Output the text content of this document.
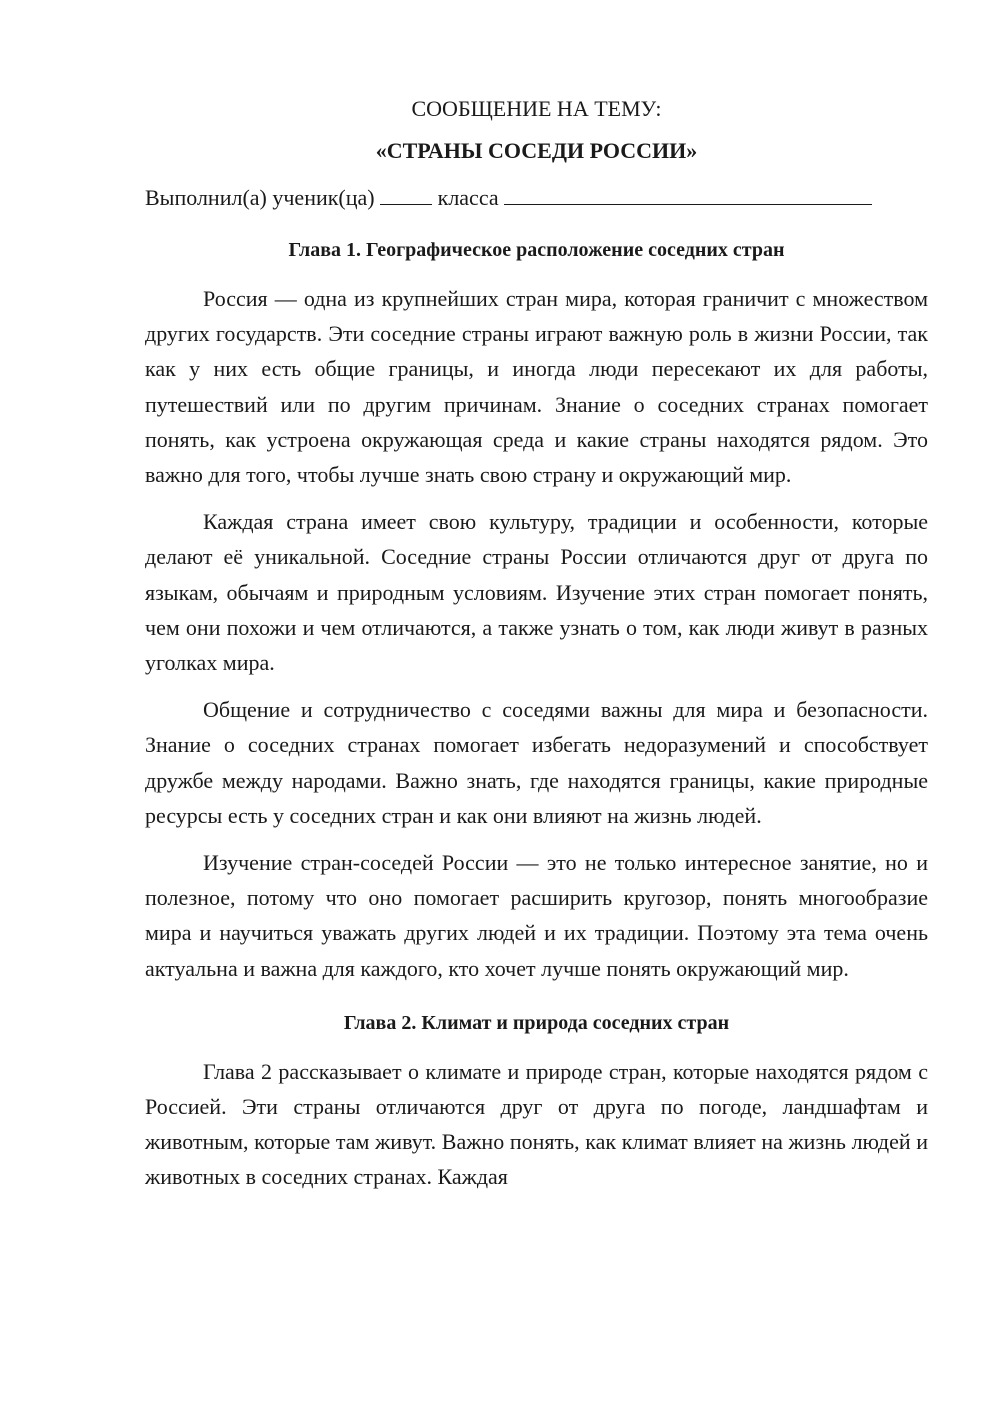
СООБЩЕНИЕ НА ТЕМУ:
«СТРАНЫ СОСЕДИ РОССИИ»

Выполнил(а) ученик(ца)	класса

Глава 1. Географическое расположение соседних стран

Россия — одна из крупнейших стран мира, которая граничит с множеством других государств. Эти соседние страны играют важную роль в жизни России, так как у них есть общие границы, и иногда люди пересекают их для работы, путешествий или по другим причинам. Знание о соседних странах помогает понять, как устроена окружающая среда и какие страны находятся рядом. Это важно для того, чтобы лучше знать свою страну и окружающий мир.

Каждая страна имеет свою культуру, традиции и особенности, которые делают её уникальной. Соседние страны России отличаются друг от друга по языкам, обычаям и природным условиям. Изучение этих стран помогает понять, чем они похожи и чем отличаются, а также узнать о том, как люди живут в разных уголках мира.

Общение и сотрудничество с соседями важны для мира и безопасности. Знание о соседних странах помогает избегать недоразумений и способствует дружбе между народами. Важно знать, где находятся границы, какие природные ресурсы есть у соседних стран и как они влияют на жизнь людей.

Изучение стран-соседей России — это не только интересное занятие, но и полезное, потому что оно помогает расширить кругозор, понять многообразие мира и научиться уважать других людей и их традиции. Поэтому эта тема очень актуальна и важна для каждого, кто хочет лучше понять окружающий мир.

Глава 2. Климат и природа соседних стран

Глава 2 рассказывает о климате и природе стран, которые находятся рядом с Россией. Эти страны отличаются друг от друга по погоде, ландшафтам и животным, которые там живут. Важно понять, как климат влияет на жизнь людей и животных в соседних странах. Каждая
